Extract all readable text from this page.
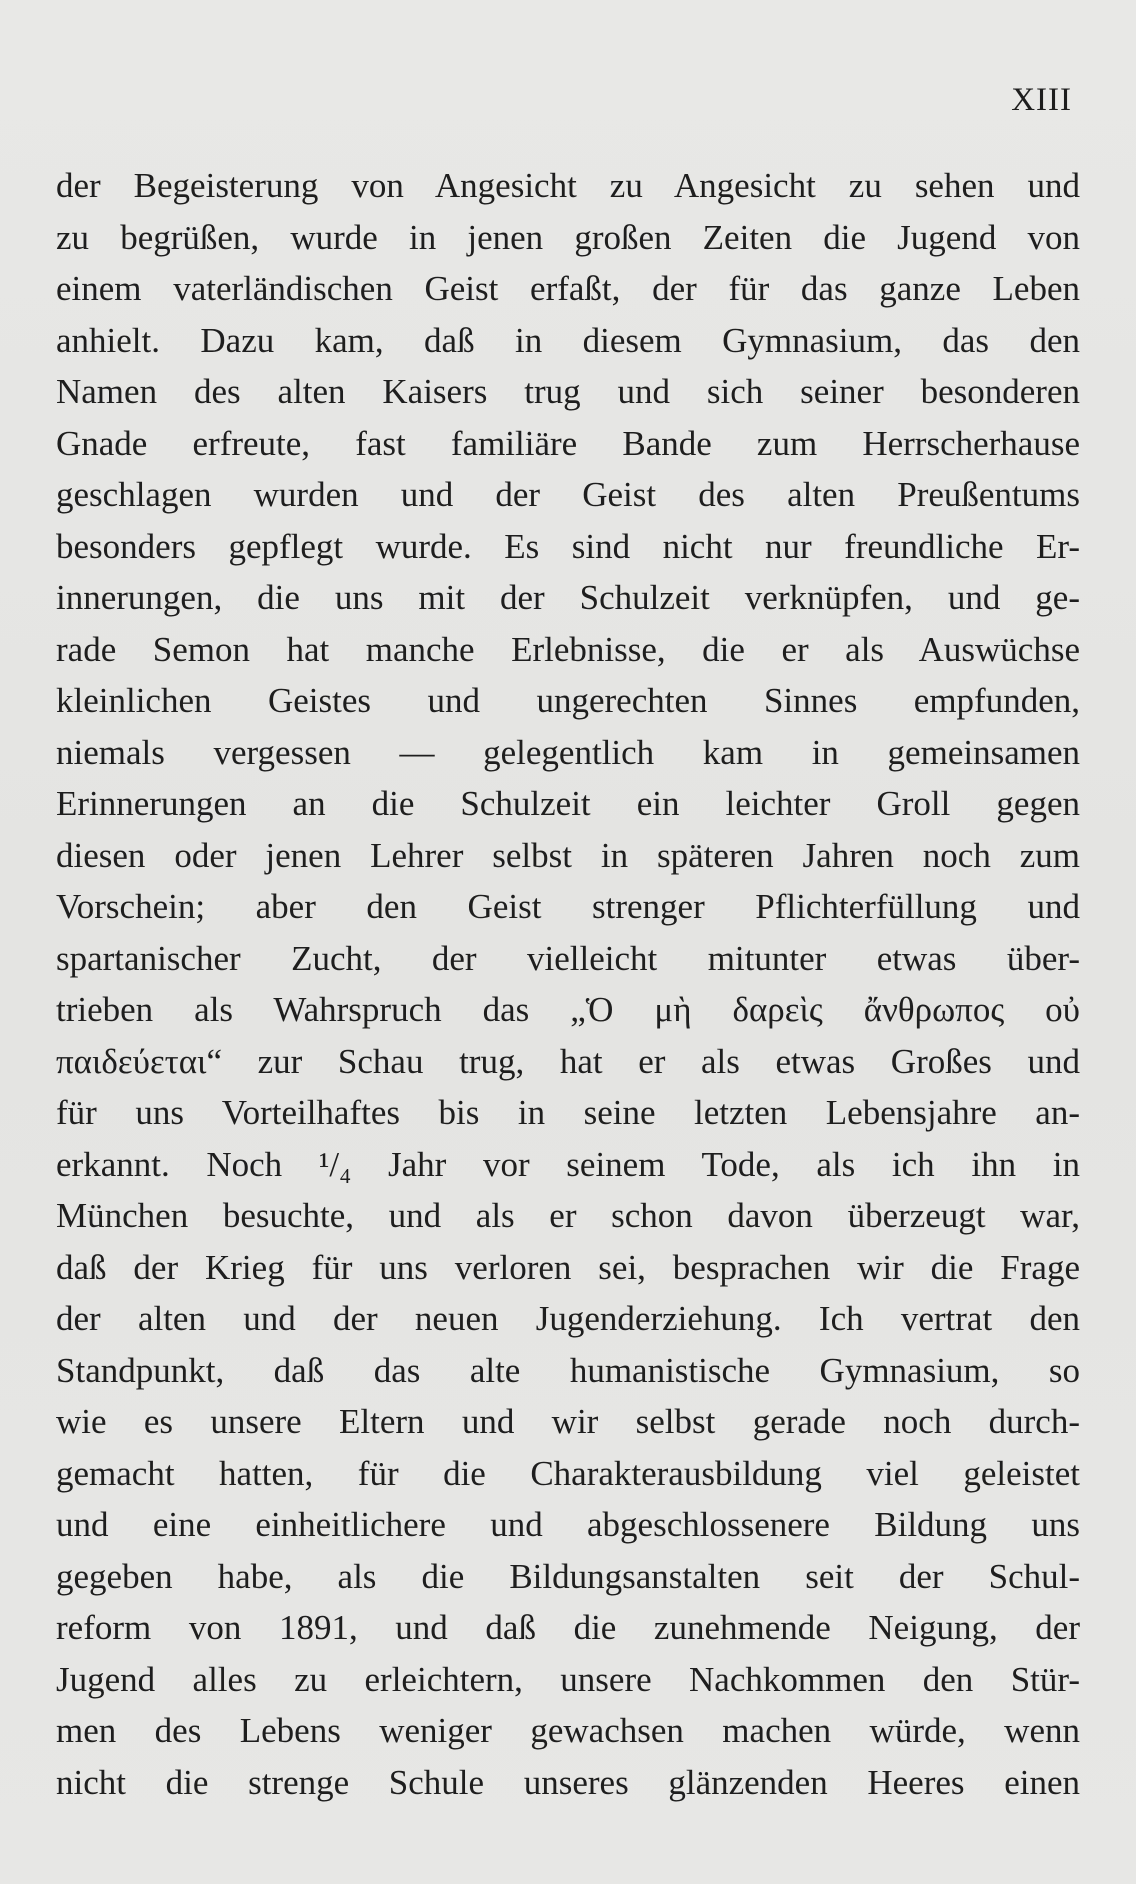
XIII
der Begeisterung von Angesicht zu Angesicht zu sehen und
zu begrüßen, wurde in jenen großen Zeiten die Jugend von
einem vaterländischen Geist erfaßt, der für das ganze Leben
anhielt. Dazu kam, daß in diesem Gymnasium, das den
Namen des alten Kaisers trug und sich seiner besonderen
Gnade erfreute, fast familiäre Bande zum Herrscherhause
geschlagen wurden und der Geist des alten Preußentums
besonders gepflegt wurde. Es sind nicht nur freundliche Er-
innerungen, die uns mit der Schulzeit verknüpfen, und ge-
rade Semon hat manche Erlebnisse, die er als Auswüchse
kleinlichen Geistes und ungerechten Sinnes empfunden,
niemals vergessen — gelegentlich kam in gemeinsamen
Erinnerungen an die Schulzeit ein leichter Groll gegen
diesen oder jenen Lehrer selbst in späteren Jahren noch zum
Vorschein; aber den Geist strenger Pflichterfüllung und
spartanischer Zucht, der vielleicht mitunter etwas über-
trieben als Wahrspruch das „Ὁ μὴ δαρεὶς ἄνθρωπος οὐ
παιδεύεται“ zur Schau trug, hat er als etwas Großes und
für uns Vorteilhaftes bis in seine letzten Lebensjahre an-
erkannt. Noch ¹/₄ Jahr vor seinem Tode, als ich ihn in
München besuchte, und als er schon davon überzeugt war,
daß der Krieg für uns verloren sei, besprachen wir die Frage
der alten und der neuen Jugenderziehung. Ich vertrat den
Standpunkt, daß das alte humanistische Gymnasium, so
wie es unsere Eltern und wir selbst gerade noch durch-
gemacht hatten, für die Charakterausbildung viel geleistet
und eine einheitlichere und abgeschlossenere Bildung uns
gegeben habe, als die Bildungsanstalten seit der Schul-
reform von 1891, und daß die zunehmende Neigung, der
Jugend alles zu erleichtern, unsere Nachkommen den Stür-
men des Lebens weniger gewachsen machen würde, wenn
nicht die strenge Schule unseres glänzenden Heeres einen
